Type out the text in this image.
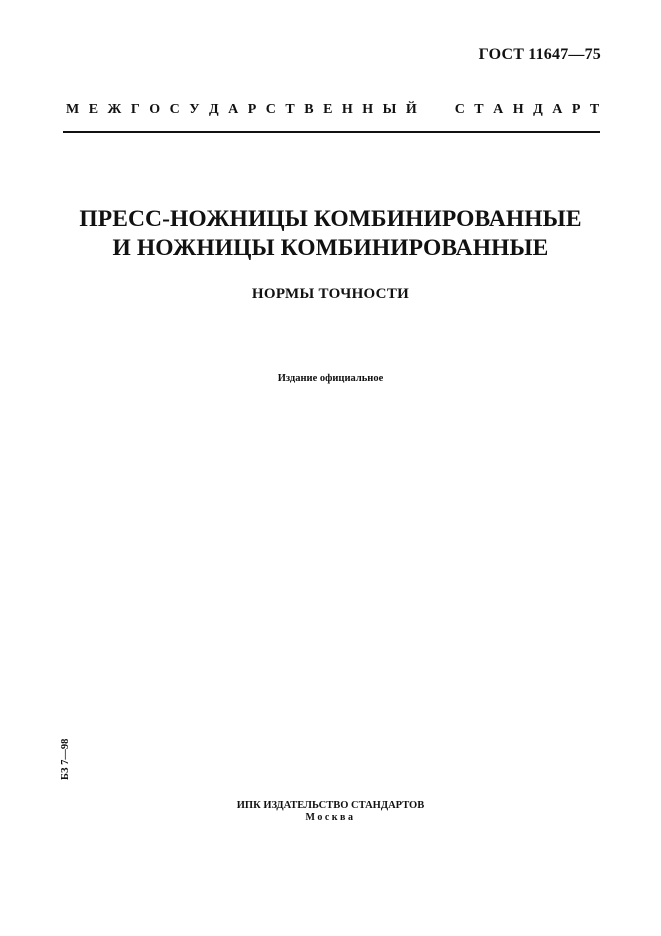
ГОСТ 11647—75
М Е Ж Г О С У Д А Р С Т В Е Н Н Ы Й	С Т А Н Д А Р Т
ПРЕСС-НОЖНИЦЫ КОМБИНИРОВАННЫЕ
И НОЖНИЦЫ КОМБИНИРОВАННЫЕ
НОРМЫ ТОЧНОСТИ
Издание официальное
БЗ 7—98
ИПК ИЗДАТЕЛЬСТВО СТАНДАРТОВ
Москва
